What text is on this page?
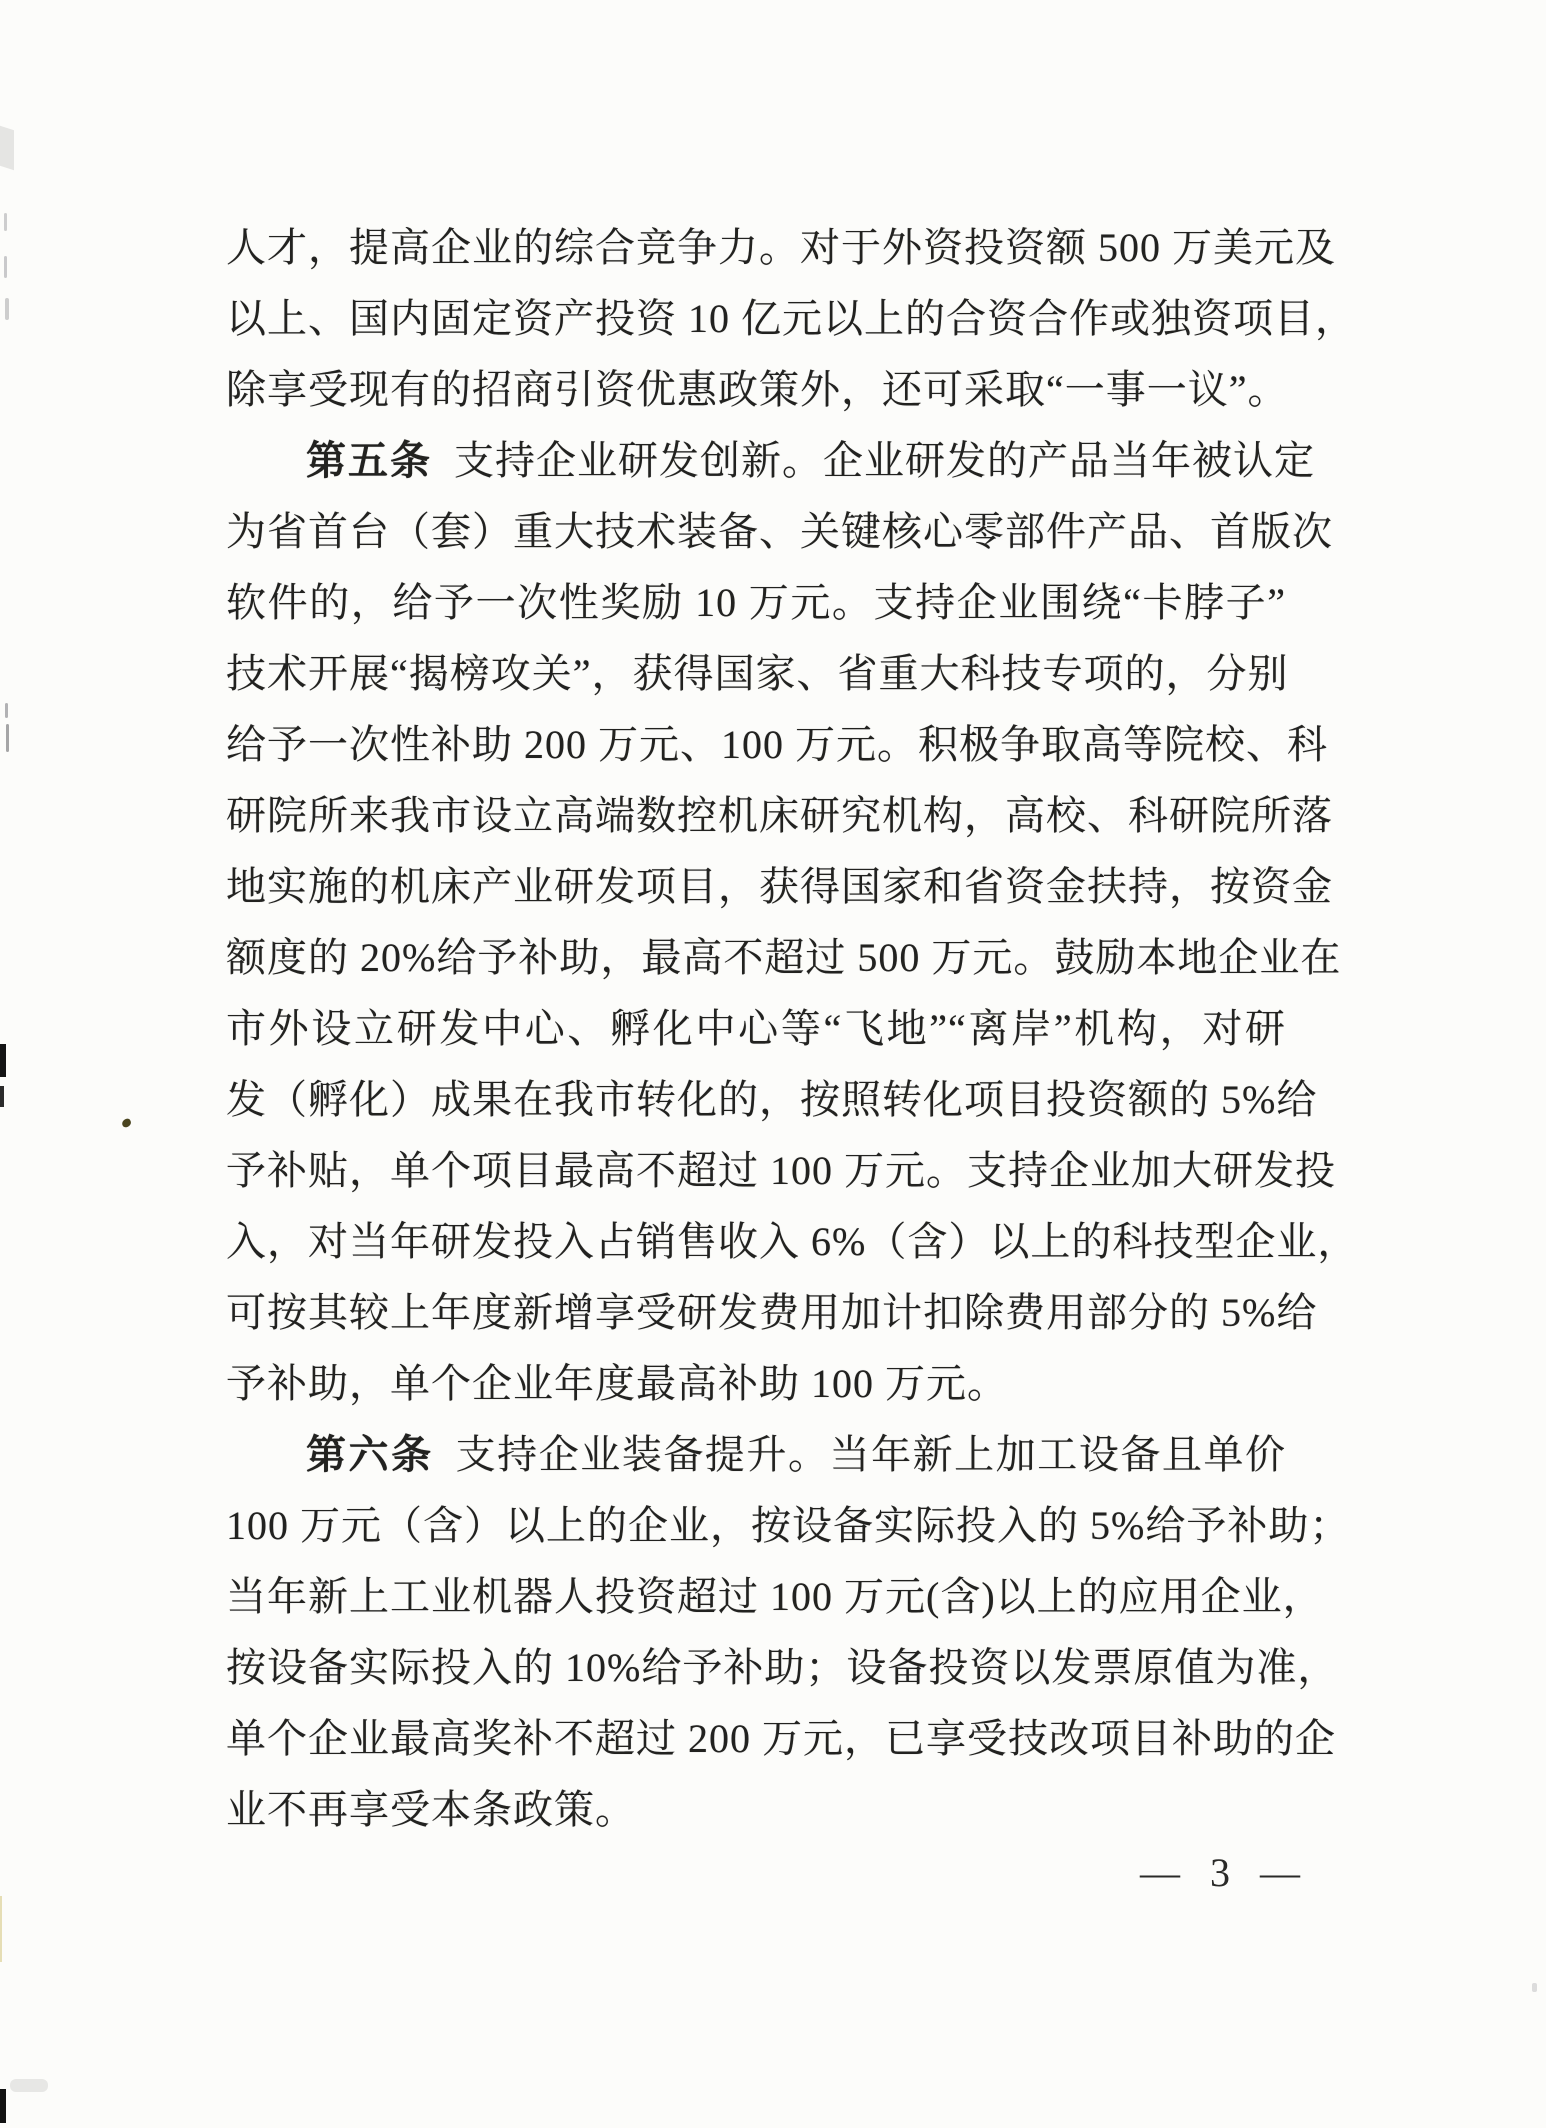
人才，提高企业的综合竞争力。对于外资投资额 500 万美元及
以上、国内固定资产投资 10 亿元以上的合资合作或独资项目，
除享受现有的招商引资优惠政策外，还可采取“一事一议”。
第五条 支持企业研发创新。企业研发的产品当年被认定
为省首台（套）重大技术装备、关键核心零部件产品、首版次
软件的，给予一次性奖励 10 万元。支持企业围绕“卡脖子”
技术开展“揭榜攻关”，获得国家、省重大科技专项的，分别
给予一次性补助 200 万元、100 万元。积极争取高等院校、科
研院所来我市设立高端数控机床研究机构，高校、科研院所落
地实施的机床产业研发项目，获得国家和省资金扶持，按资金
额度的 20%给予补助，最高不超过 500 万元。鼓励本地企业在
市外设立研发中心、孵化中心等“飞地”“离岸”机构，对研
发（孵化）成果在我市转化的，按照转化项目投资额的 5%给
予补贴，单个项目最高不超过 100 万元。支持企业加大研发投
入，对当年研发投入占销售收入 6%（含）以上的科技型企业，
可按其较上年度新增享受研发费用加计扣除费用部分的 5%给
予补助，单个企业年度最高补助 100 万元。
第六条 支持企业装备提升。当年新上加工设备且单价
100 万元（含）以上的企业，按设备实际投入的 5%给予补助；
当年新上工业机器人投资超过 100 万元(含)以上的应用企业，
按设备实际投入的 10%给予补助；设备投资以发票原值为准，
单个企业最高奖补不超过 200 万元，已享受技改项目补助的企
业不再享受本条政策。
— 3 —
